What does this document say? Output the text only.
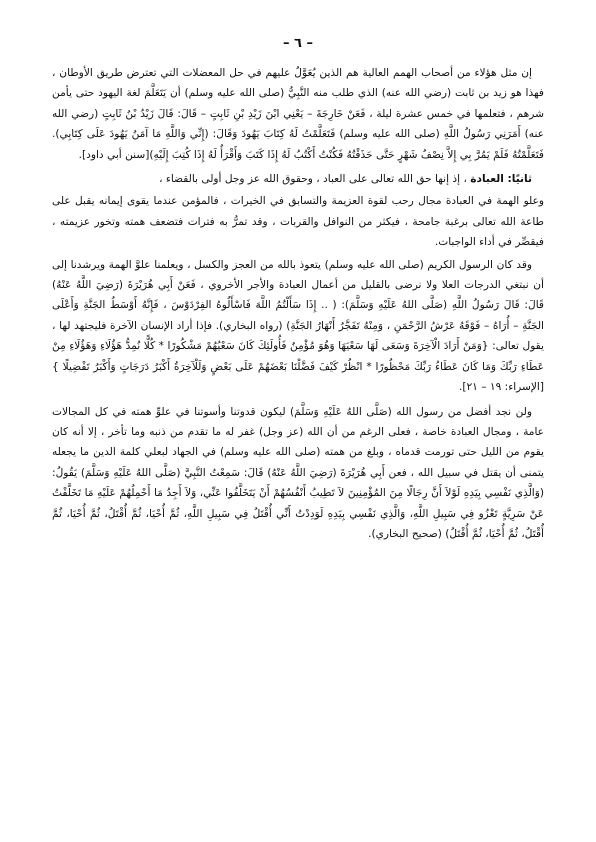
– ٦ –

إن مثل هؤلاء من أصحاب الهمم العالية هم الذين يُعَوَّلُ عليهم في حل المعضلات التي تعترض طريق الأوطان ، فهذا هو زيد بن ثابت (رضي الله عنه) الذي طلب منه النَّبِيُّ (صلى الله عليه وسلم) أن يَتَعَلَّمَ لغة اليهود حتى يأمن شرهم ، فتعلمها في خمس عشرة ليلة ، فَعَنْ خَارِجَةَ – يَعْنِي ابْنَ زَيْدِ بْنِ ثَابِتٍ – قَالَ: قَالَ زَيْدُ بْنُ ثَابِتٍ (رضي الله عنه) أَمَرَنِي رَسُولُ اللَّهِ (صلى الله عليه وسلم) فَتَعَلَّمْتُ لَهُ كِتَابَ يَهُودَ وَقَالَ: (إِنِّي وَاللَّهِ مَا آمَنُ يَهُودَ عَلَى كِتَابِي). فَتَعَلَّمْتُهُ فَلَمْ يَمُرَّ بِي إِلاَّ نِصْفُ شَهْرٍ حَتَّى حَذَقْتُهُ فَكُنْتُ أَكْتُبُ لَهُ إِذَا كَتَبَ وَأَقْرَأُ لَهُ إِذَا كُتِبَ إِلَيْهِ)[سنن أبي داود].

ثانيًا: العبادة ، إذ إنها حق الله تعالى على العباد ، وحقوق الله عز وجل أولى بالقضاء ،

وعلو الهمة في العبادة مجال رحب لقوة العزيمة والتسابق في الخيرات ، فالمؤمن عندما يقوى إيمانه يقبل على طاعة الله تعالى برغبة جامحة ، فيكثر من النوافل والقربات ، وقد تمرُّ به فترات فتضعف همته وتخور عزيمته ، فيقصِّر في أداء الواجبات.

وقد كان الرسول الكريم (صلى الله عليه وسلم) يتعوذ بالله من العجز والكسل ، ويعلمنا علوَّ الهمة ويرشدنا إلى أن نبتغي الدرجات العلا ولا نرضى بالقليل من أعمال العبادة والأجر الأخروي ، فَعَنْ أَبِي هُرَيْرَةَ (رَضِيَ اللَّهُ عَنْهُ) قَالَ: قَالَ رَسُولُ اللَّهِ (صَلَّى اللهُ عَلَيْهِ وَسَلَّمَ): ( .. إِذَا سَأَلْتُمُ اللَّهَ فَاسْأَلُوهُ الفِرْدَوْسَ ، فَإِنَّهُ أَوْسَطُ الجَنَّةِ وَأَعْلَى الجَنَّةِ – أُرَاهُ – فَوْقَهُ عَرْشُ الرَّحْمَنِ ، وَمِنْهُ تَفَجَّرُ أَنْهَارُ الجَنَّةِ) (رواه البخاري). فإذا أراد الإنسان الآخرة فليجتهد لها ، يقول تعالى: {وَمَنْ أَرَادَ الْآخِرَةَ وَسَعَى لَهَا سَعْيَهَا وَهُوَ مُؤْمِنٌ فَأُولَئِكَ كَانَ سَعْيُهُمْ مَشْكُورًا * كُلًّا نُمِدُّ هَؤُلَاءِ وَهَؤُلَاءِ مِنْ عَطَاءِ رَبِّكَ وَمَا كَانَ عَطَاءُ رَبِّكَ مَحْظُورًا * انْظُرْ كَيْفَ فَضَّلْنَا بَعْضَهُمْ عَلَى بَعْضٍ وَلَلْآخِرَةُ أَكْبَرُ دَرَجَاتٍ وَأَكْبَرُ تَفْضِيلًا }[الإسراء: ١٩ – ٢١].

ولن نجد أفضل من رسول الله (صَلَّى اللهُ عَلَيْهِ وَسَلَّمَ) ليكون قدوتنا وأسوتنا في علوِّ همته في كل المجالات عامة ، ومجال العبادة خاصة ، فعلى الرغم من أن الله (عز وجل) غفر له ما تقدم من ذنبه وما تأخر ، إلا أنه كان يقوم من الليل حتى تورمت قدماه ، وبلغ من همته (صلى الله عليه وسلم) في الجهاد لبعلي كلمة الدين ما يجعله يتمنى أن يقتل في سبيل الله ، فعن أَبِي هُرَيْرَةَ (رَضِيَ اللَّهُ عَنْهُ) قَالَ: سَمِعْتُ النَّبِيَّ (صَلَّى اللهُ عَلَيْهِ وَسَلَّمَ) يَقُولُ: (وَالَّذِي نَفْسِي بِيَدِهِ لَوْلاَ أَنَّ رِجَالًا مِنَ المُؤْمِنِينَ لاَ تَطِيبُ أَنْفُسُهُمْ أَنْ يَتَخَلَّفُوا عَنِّي، وَلاَ أَجِدُ مَا أَحْمِلُهُمْ عَلَيْهِ مَا تَخَلَّفْتُ عَنْ سَرِيَّةٍ تَغْزُو فِي سَبِيلِ اللَّهِ، وَالَّذِي نَفْسِي بِيَدِهِ لَوَدِدْتُ أَنِّي أُقْتَلُ فِي سَبِيلِ اللَّهِ، ثُمَّ أُحْيَا، ثُمَّ أُقْتَلُ، ثُمَّ أُحْيَا، ثُمَّ أُقْتَلُ، ثُمَّ أُحْيَا، ثُمَّ أُقْتَلُ) (صحيح البخاري).
